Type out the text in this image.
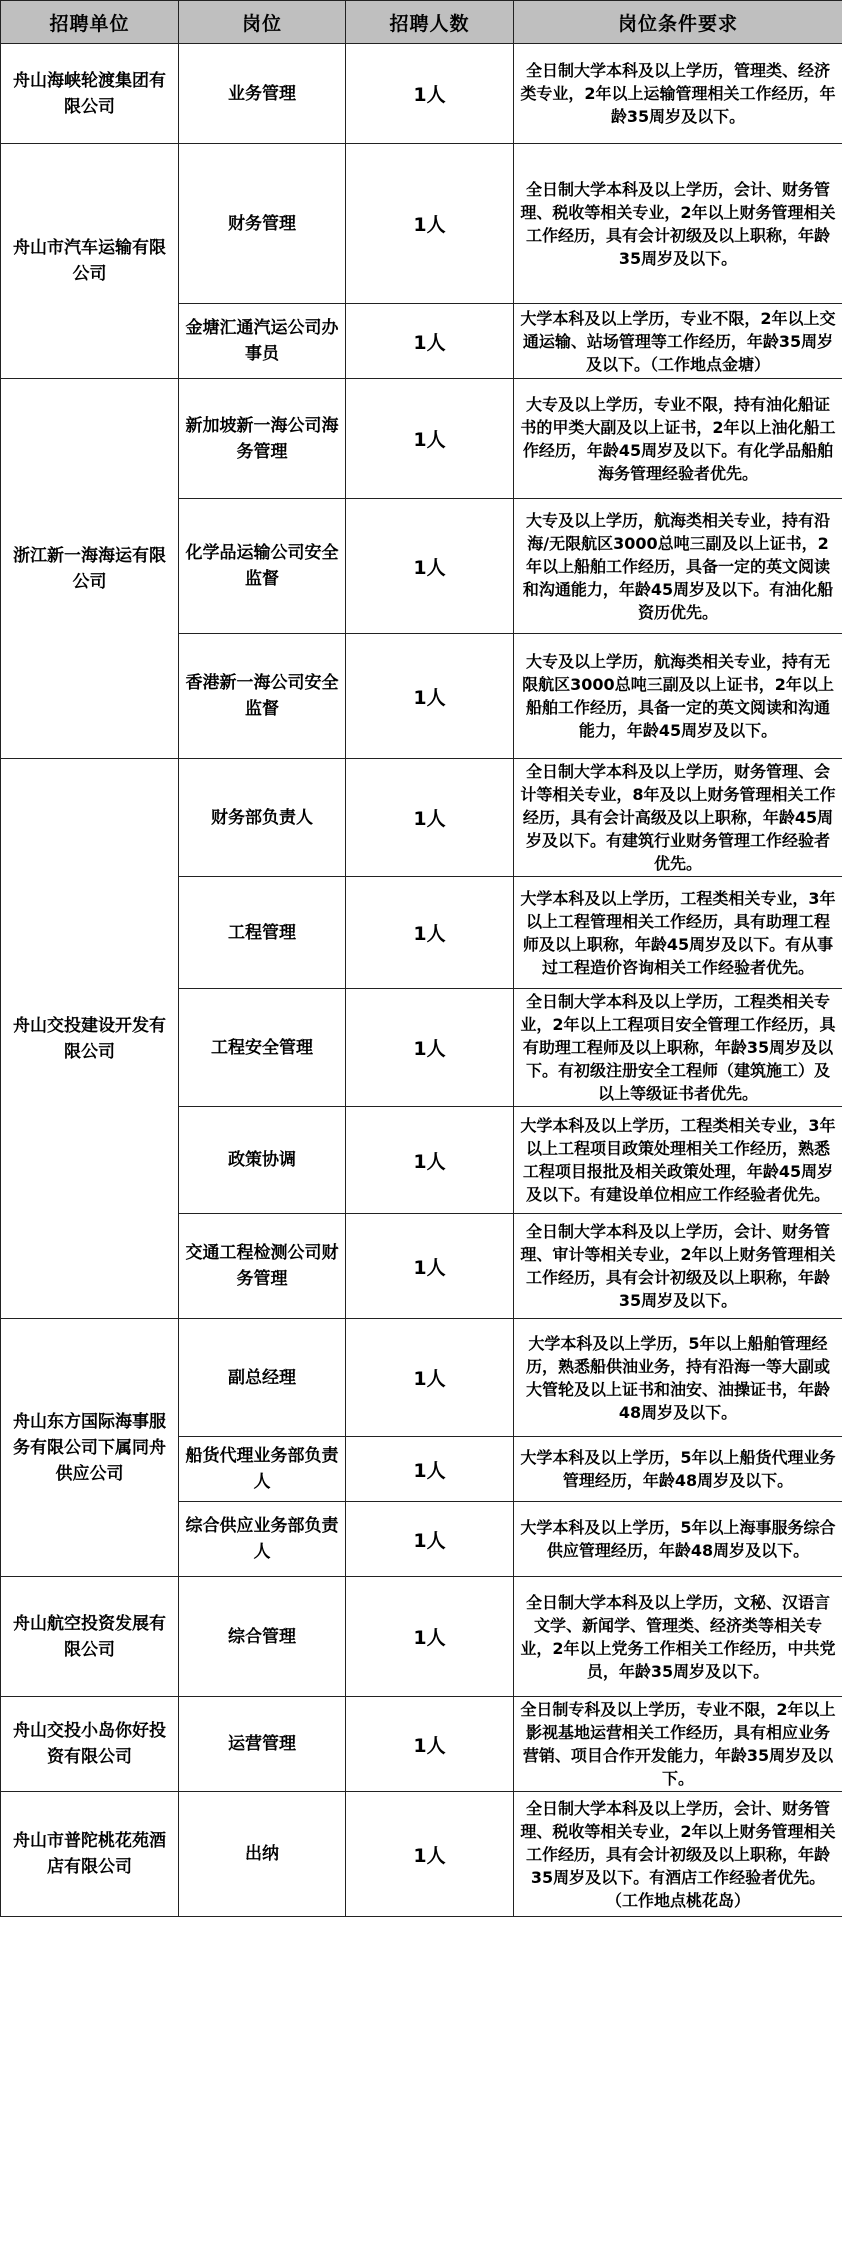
招聘单位	岗位	招聘人数	岗位条件要求
舟山海峡轮渡集团有限公司	业务管理	1人	全日制大学本科及以上学历，管理类、经济类专业，2年以上运输管理相关工作经历，年龄35周岁及以下。
舟山市汽车运输有限公司	财务管理	1人	全日制大学本科及以上学历，会计、财务管理、税收等相关专业，2年以上财务管理相关工作经历，具有会计初级及以上职称，年龄35周岁及以下。
	金塘汇通汽运公司办事员	1人	大学本科及以上学历，专业不限，2年以上交通运输、站场管理等工作经历，年龄35周岁及以下。（工作地点金塘）
浙江新一海海运有限公司	新加坡新一海公司海务管理	1人	大专及以上学历，专业不限，持有油化船证书的甲类大副及以上证书，2年以上油化船工作经历，年龄45周岁及以下。有化学品船舶海务管理经验者优先。
	化学品运输公司安全监督	1人	大专及以上学历，航海类相关专业，持有沿海/无限航区3000总吨三副及以上证书，2年以上船舶工作经历，具备一定的英文阅读和沟通能力，年龄45周岁及以下。有油化船资历优先。
	香港新一海公司安全监督	1人	大专及以上学历，航海类相关专业，持有无限航区3000总吨三副及以上证书，2年以上船舶工作经历，具备一定的英文阅读和沟通能力，年龄45周岁及以下。
舟山交投建设开发有限公司	财务部负责人	1人	全日制大学本科及以上学历，财务管理、会计等相关专业，8年及以上财务管理相关工作经历，具有会计高级及以上职称，年龄45周岁及以下。有建筑行业财务管理工作经验者优先。
	工程管理	1人	大学本科及以上学历，工程类相关专业，3年以上工程管理相关工作经历，具有助理工程师及以上职称，年龄45周岁及以下。有从事过工程造价咨询相关工作经验者优先。
	工程安全管理	1人	全日制大学本科及以上学历，工程类相关专业，2年以上工程项目安全管理工作经历，具有助理工程师及以上职称，年龄35周岁及以下。有初级注册安全工程师（建筑施工）及以上等级证书者优先。
	政策协调	1人	大学本科及以上学历，工程类相关专业，3年以上工程项目政策处理相关工作经历，熟悉工程项目报批及相关政策处理，年龄45周岁及以下。有建设单位相应工作经验者优先。
	交通工程检测公司财务管理	1人	全日制大学本科及以上学历，会计、财务管理、审计等相关专业，2年以上财务管理相关工作经历，具有会计初级及以上职称，年龄35周岁及以下。
舟山东方国际海事服务有限公司下属同舟供应公司	副总经理	1人	大学本科及以上学历，5年以上船舶管理经历，熟悉船供油业务，持有沿海一等大副或大管轮及以上证书和油安、油操证书，年龄48周岁及以下。
	船货代理业务部负责人	1人	大学本科及以上学历，5年以上船货代理业务管理经历，年龄48周岁及以下。
	综合供应业务部负责人	1人	大学本科及以上学历，5年以上海事服务综合供应管理经历，年龄48周岁及以下。
舟山航空投资发展有限公司	综合管理	1人	全日制大学本科及以上学历，文秘、汉语言文学、新闻学、管理类、经济类等相关专业，2年以上党务工作相关工作经历，中共党员，年龄35周岁及以下。
舟山交投小岛你好投资有限公司	运营管理	1人	全日制专科及以上学历，专业不限，2年以上影视基地运营相关工作经历，具有相应业务营销、项目合作开发能力，年龄35周岁及以下。
舟山市普陀桃花苑酒店有限公司	出纳	1人	全日制大学本科及以上学历，会计、财务管理、税收等相关专业，2年以上财务管理相关工作经历，具有会计初级及以上职称，年龄35周岁及以下。有酒店工作经验者优先。（工作地点桃花岛）
